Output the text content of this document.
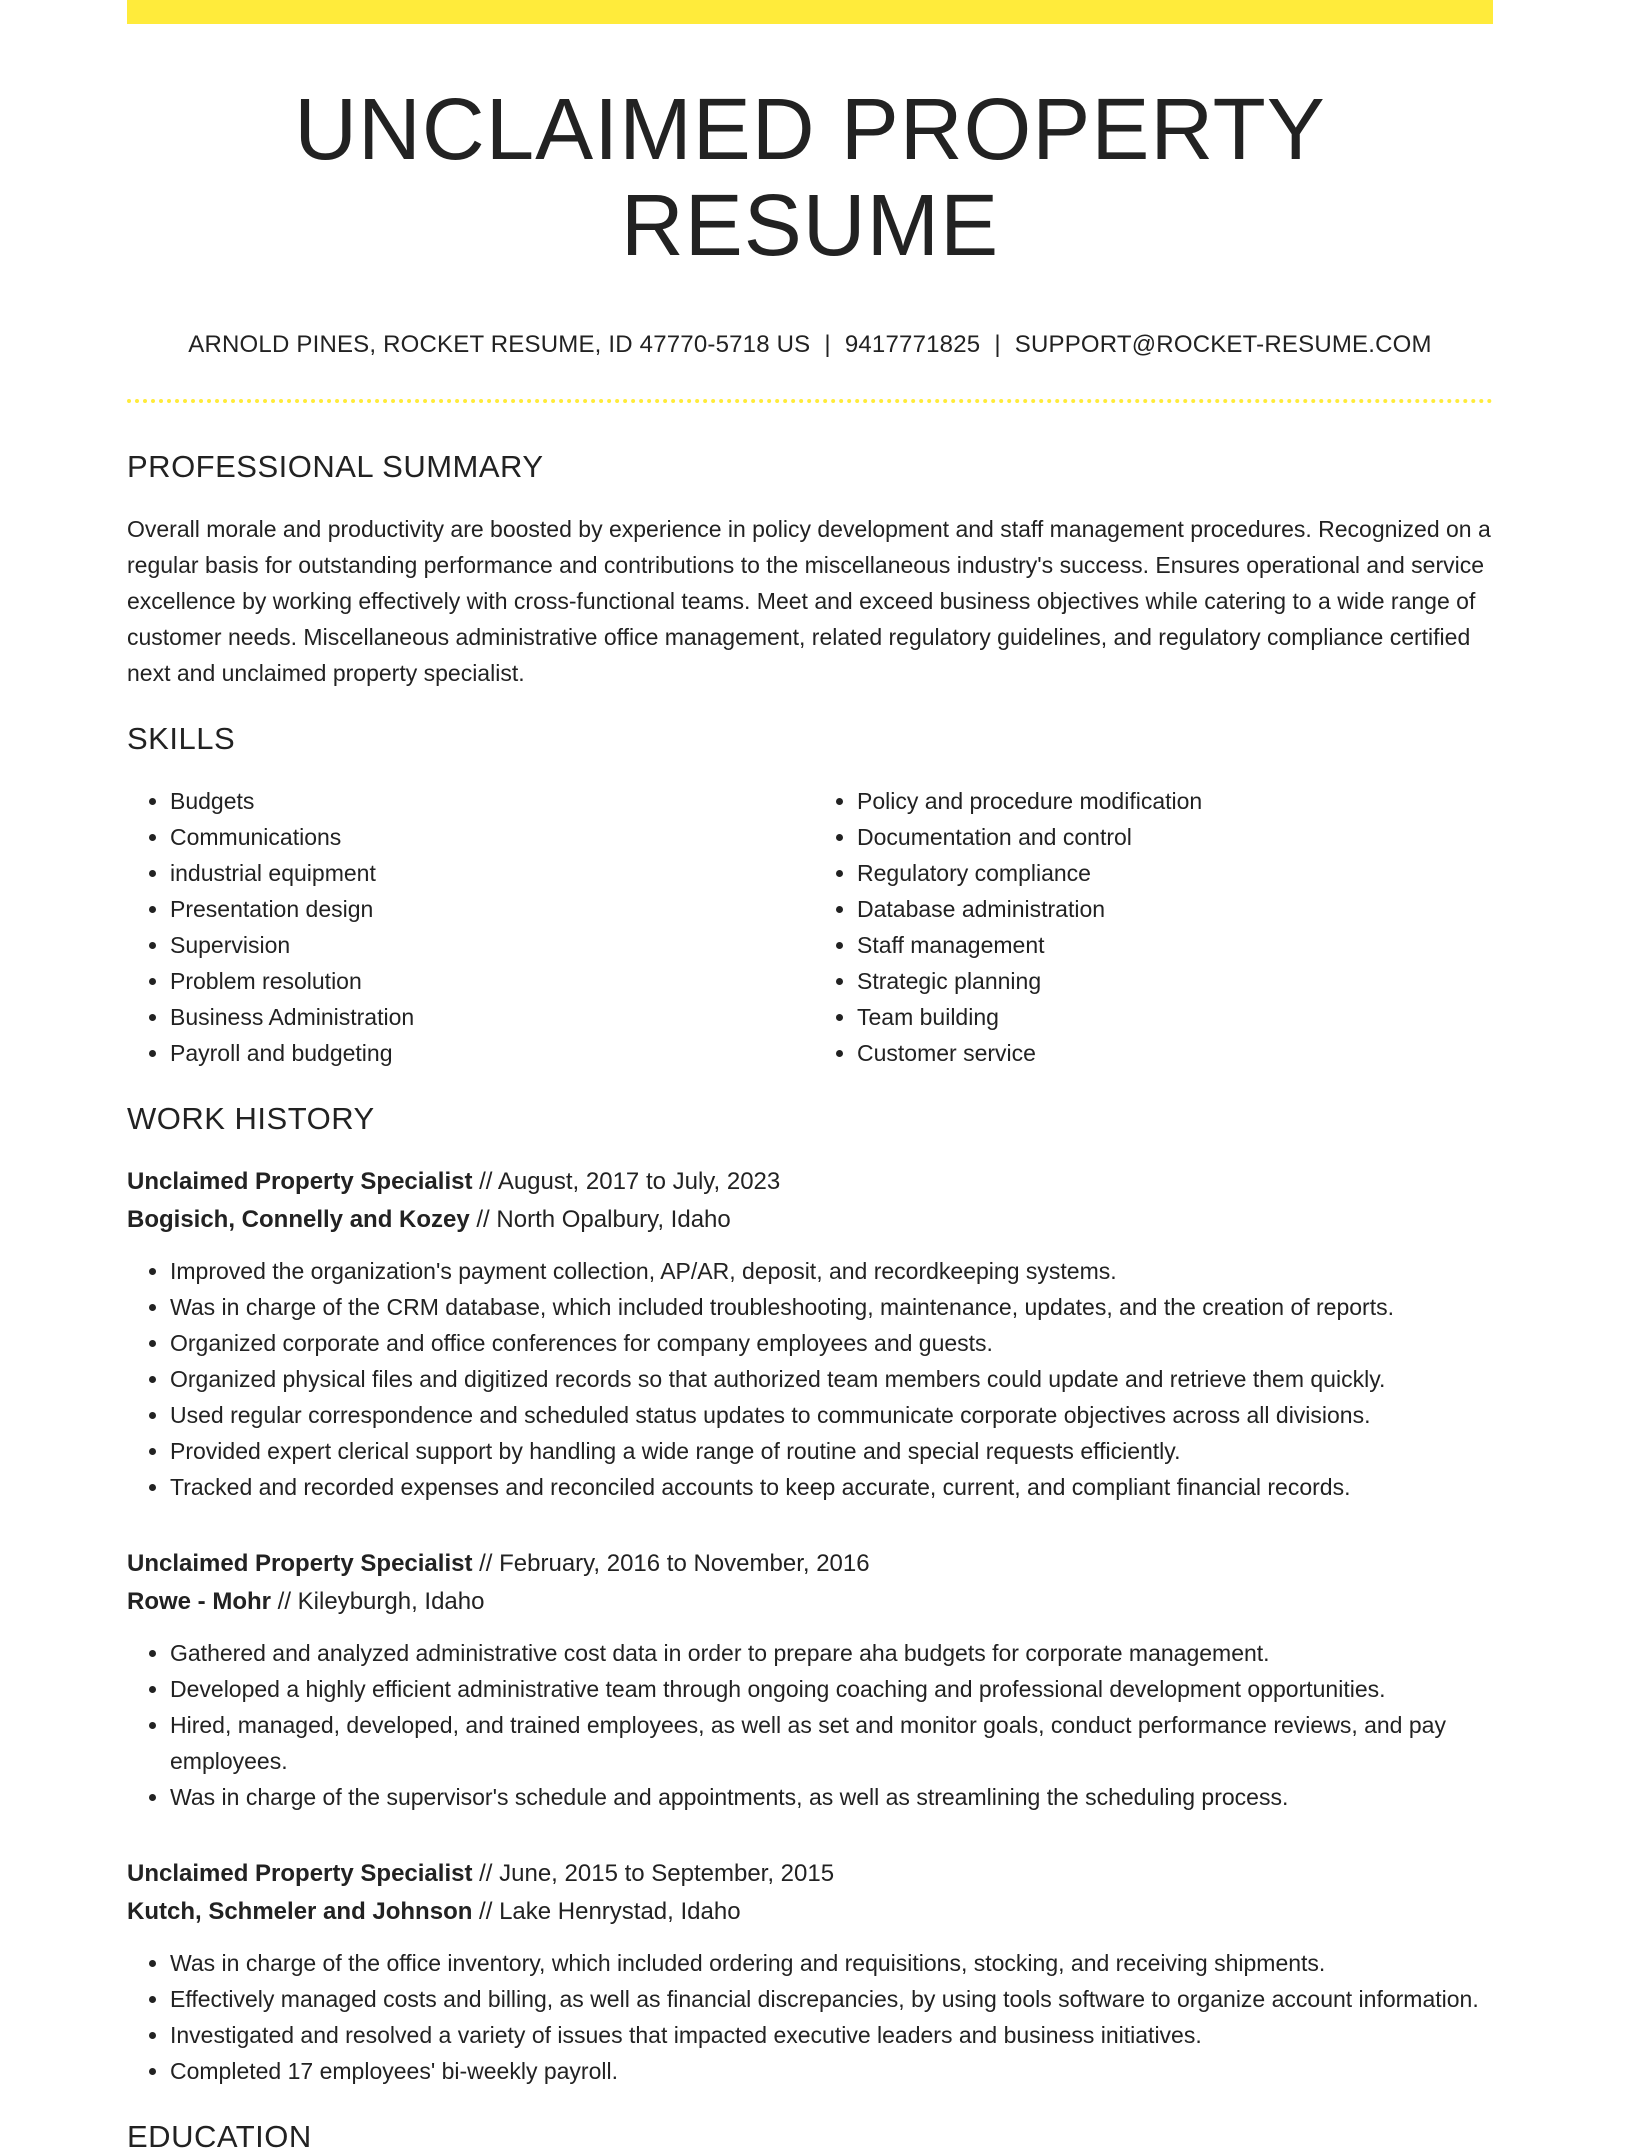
UNCLAIMED PROPERTY RESUME
ARNOLD PINES, ROCKET RESUME, ID 47770-5718 US | 9417771825 | SUPPORT@ROCKET-RESUME.COM
PROFESSIONAL SUMMARY

Overall morale and productivity are boosted by experience in policy development and staff management procedures. Recognized on a regular basis for outstanding performance and contributions to the miscellaneous industry's success. Ensures operational and service excellence by working effectively with cross-functional teams. Meet and exceed business objectives while catering to a wide range of customer needs. Miscellaneous administrative office management, related regulatory guidelines, and regulatory compliance certified next and unclaimed property specialist.

SKILLS
• Budgets
• Communications
• industrial equipment
• Presentation design
• Supervision
• Problem resolution
• Business Administration
• Payroll and budgeting
• Policy and procedure modification
• Documentation and control
• Regulatory compliance
• Database administration
• Staff management
• Strategic planning
• Team building
• Customer service
WORK HISTORY
Unclaimed Property Specialist // August, 2017 to July, 2023
Bogisich, Connelly and Kozey // North Opalbury, Idaho
• Improved the organization's payment collection, AP/AR, deposit, and recordkeeping systems.
• Was in charge of the CRM database, which included troubleshooting, maintenance, updates, and the creation of reports.
• Organized corporate and office conferences for company employees and guests.
• Organized physical files and digitized records so that authorized team members could update and retrieve them quickly.
• Used regular correspondence and scheduled status updates to communicate corporate objectives across all divisions.
• Provided expert clerical support by handling a wide range of routine and special requests efficiently.
• Tracked and recorded expenses and reconciled accounts to keep accurate, current, and compliant financial records.
Unclaimed Property Specialist // February, 2016 to November, 2016
Rowe - Mohr // Kileyburgh, Idaho
• Gathered and analyzed administrative cost data in order to prepare aha budgets for corporate management.
• Developed a highly efficient administrative team through ongoing coaching and professional development opportunities.
• Hired, managed, developed, and trained employees, as well as set and monitor goals, conduct performance reviews, and pay employees.
• Was in charge of the supervisor's schedule and appointments, as well as streamlining the scheduling process.
Unclaimed Property Specialist // June, 2015 to September, 2015
Kutch, Schmeler and Johnson // Lake Henrystad, Idaho
• Was in charge of the office inventory, which included ordering and requisitions, stocking, and receiving shipments.
• Effectively managed costs and billing, as well as financial discrepancies, by using tools software to organize account information.
• Investigated and resolved a variety of issues that impacted executive leaders and business initiatives.
• Completed 17 employees' bi-weekly payroll.
EDUCATION
